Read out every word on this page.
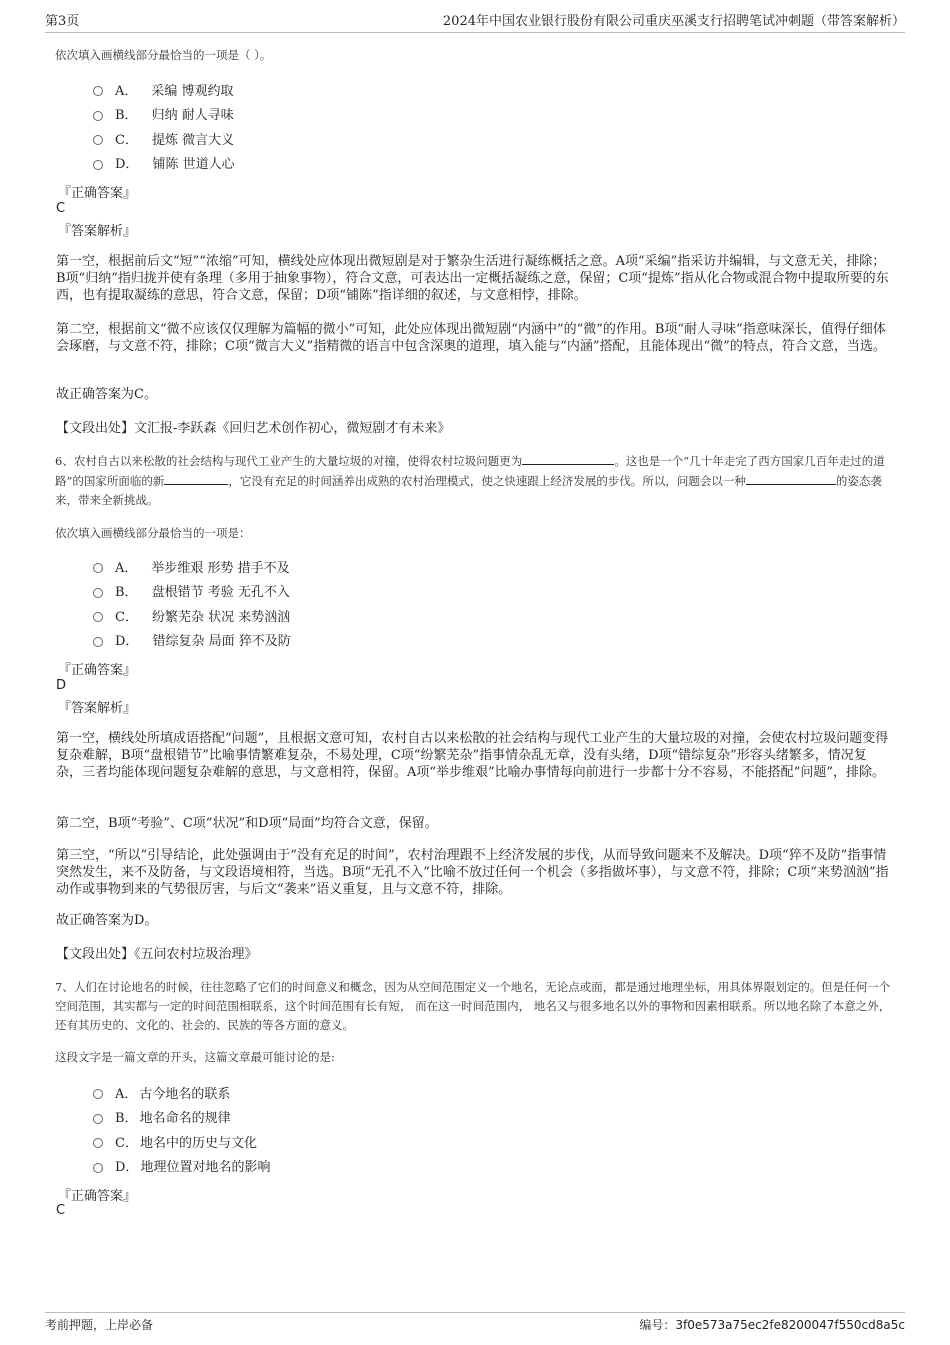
第3页	2024年中国农业银行股份有限公司重庆巫溪支行招聘笔试冲刺题（带答案解析）
依次填入画横线部分最恰当的一项是（ ）。
A． 采编 博观约取
B． 归纳 耐人寻味
C． 提炼 微言大义
D． 铺陈 世道人心
『正确答案』
C
『答案解析』
第一空，根据前后文“短”“浓缩”可知，横线处应体现出微短剧是对于繁杂生活进行凝练概括之意。A项“采编”指采访并编辑，与文意无关，排除；B项“归纳”指归拢并使有条理（多用于抽象事物），符合文意，可表达出一定概括凝练之意，保留；C项“提炼”指从化合物或混合物中提取所要的东西，也有提取凝练的意思，符合文意，保留；D项“铺陈”指详细的叙述，与文意相悖，排除。
第二空，根据前文“微不应该仅仅理解为篇幅的微小”可知，此处应体现出微短剧“内涵中”的“微”的作用。B项“耐人寻味”指意味深长，值得仔细体会琢磨，与文意不符，排除；C项“微言大义”指精微的语言中包含深奥的道理，填入能与“内涵”搭配，且能体现出“微”的特点，符合文意，当选。
故正确答案为C。
【文段出处】文汇报-李跃森《回归艺术创作初心，微短剧才有未来》
6、农村自古以来松散的社会结构与现代工业产生的大量垃圾的对撞，使得农村垃圾问题更为	。这也是一个“几十年走完了西方国家几百年走过的道路”的国家所面临的新	，它没有充足的时间涵养出成熟的农村治理模式，使之快速跟上经济发展的步伐。所以，问题会以一种	的姿态袭来，带来全新挑战。
依次填入画横线部分最恰当的一项是：
A． 举步维艰 形势 措手不及
B． 盘根错节 考验 无孔不入
C． 纷繁芜杂 状况 来势汹汹
D． 错综复杂 局面 猝不及防
『正确答案』
D
『答案解析』
第一空，横线处所填成语搭配“问题”，且根据文意可知，农村自古以来松散的社会结构与现代工业产生的大量垃圾的对撞，会使农村垃圾问题变得复杂难解，B项“盘根错节”比喻事情繁难复杂，不易处理，C项“纷繁芜杂”指事情杂乱无章，没有头绪，D项“错综复杂”形容头绪繁多，情况复杂，三者均能体现问题复杂难解的意思，与文意相符，保留。A项“举步维艰”比喻办事情每向前进行一步都十分不容易，不能搭配“问题”，排除。
第二空，B项“考验”、C项“状况”和D项“局面”均符合文意，保留。
第三空，“所以”引导结论，此处强调由于“没有充足的时间”，农村治理跟不上经济发展的步伐，从而导致问题来不及解决。D项“猝不及防”指事情突然发生，来不及防备，与文段语境相符，当选。B项“无孔不入”比喻不放过任何一个机会（多指做坏事），与文意不符，排除；C项“来势汹汹”指动作或事物到来的气势很厉害，与后文“袭来”语义重复，且与文意不符，排除。
故正确答案为D。
【文段出处】《五问农村垃圾治理》
7、人们在讨论地名的时候，往往忽略了它们的时间意义和概念，因为从空间范围定义一个地名，无论点或面，都是通过地理坐标，用具体界限划定的。但是任何一个空间范围，其实都与一定的时间范围相联系，这个时间范围有长有短， 而在这一时间范围内， 地名又与很多地名以外的事物和因素相联系。所以地名除了本意之外，还有其历史的、文化的、社会的、民族的等各方面的意义。
这段文字是一篇文章的开头，这篇文章最可能讨论的是:
A． 古今地名的联系
B． 地名命名的规律
C． 地名中的历史与文化
D． 地理位置对地名的影响
『正确答案』
C
考前押题，上岸必备	编号：3f0e573a75ec2fe8200047f550cd8a5c
